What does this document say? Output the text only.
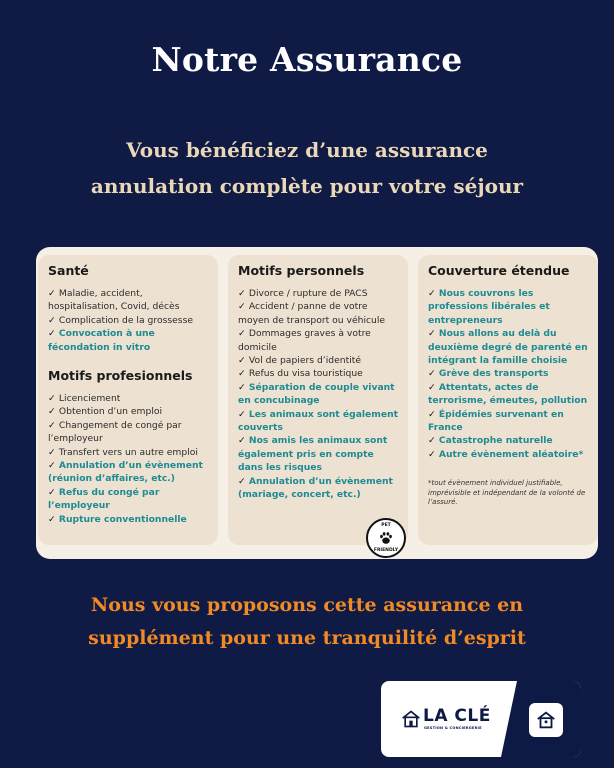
Notre Assurance
Vous bénéficiez d’une assurance
annulation complète pour votre séjour
Santé
✓ Maladie, accident, hospitalisation, Covid, décès
✓ Complication de la grossesse
✓ Convocation à une fécondation in vitro
Motifs profesionnels
✓ Licenciement
✓ Obtention d’un emploi
✓ Changement de congé par l’employeur
✓ Transfert vers un autre emploi
✓ Annulation d’un évènement (réunion d’affaires, etc.)
✓ Refus du congé par l’employeur
✓ Rupture conventionnelle
Motifs personnels
✓ Divorce / rupture de PACS
✓ Accident / panne de votre moyen de transport ou véhicule
✓ Dommages graves à votre domicile
✓ Vol de papiers d’identité
✓ Refus du visa touristique
✓ Séparation de couple vivant en concubinage
✓ Les animaux sont également couverts
✓ Nos amis les animaux sont également pris en compte dans les risques
✓ Annulation d’un évènement (mariage, concert, etc.)
Couverture étendue
✓ Nous couvrons les professions libérales et entrepreneurs
✓ Nous allons au delà du deuxième degré de parenté en intégrant la famille choisie
✓ Grève des transports
✓ Attentats, actes de terrorisme, émeutes, pollution
✓ Épidémies survenant en France
✓ Catastrophe naturelle
✓ Autre évènement aléatoire*
*tout évènement individuel justifiable, imprévisible et indépendant de la volonté de l’assuré.
PET
FRIENDLY
Nous vous proposons cette assurance en
supplément pour une tranquilité d’esprit
LA CLÉ
GESTION & CONCIERGERIE
